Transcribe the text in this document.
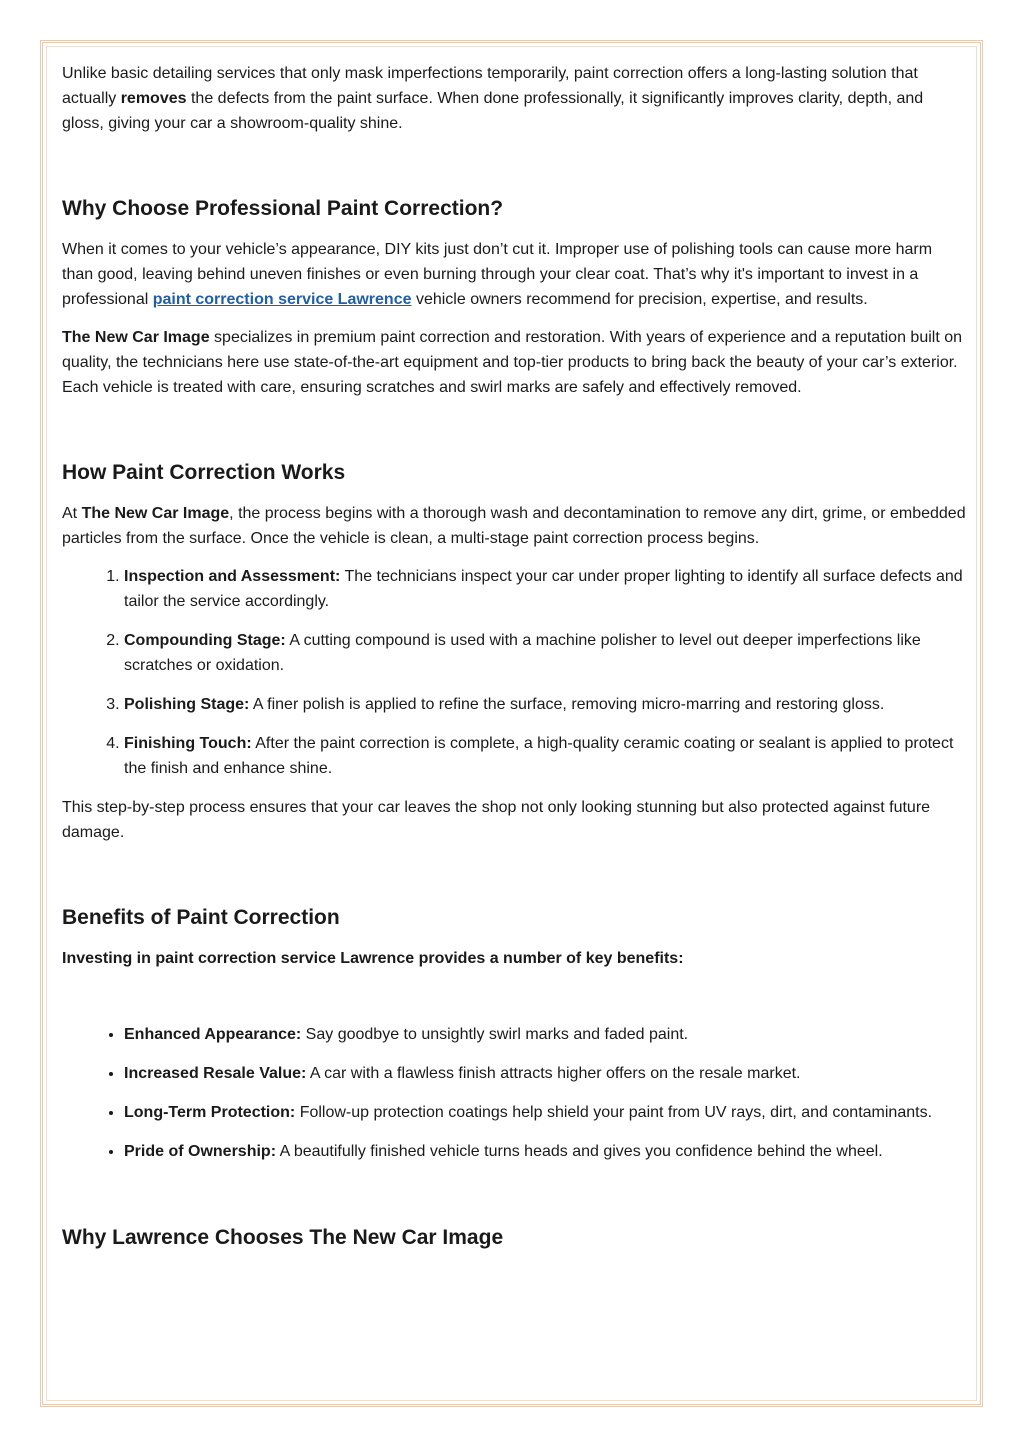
Unlike basic detailing services that only mask imperfections temporarily, paint correction offers a long-lasting solution that actually removes the defects from the paint surface. When done professionally, it significantly improves clarity, depth, and gloss, giving your car a showroom-quality shine.

Why Choose Professional Paint Correction?

When it comes to your vehicle’s appearance, DIY kits just don’t cut it. Improper use of polishing tools can cause more harm than good, leaving behind uneven finishes or even burning through your clear coat. That’s why it's important to invest in a professional paint correction service Lawrence vehicle owners recommend for precision, expertise, and results.

The New Car Image specializes in premium paint correction and restoration. With years of experience and a reputation built on quality, the technicians here use state-of-the-art equipment and top-tier products to bring back the beauty of your car’s exterior. Each vehicle is treated with care, ensuring scratches and swirl marks are safely and effectively removed.

How Paint Correction Works

At The New Car Image, the process begins with a thorough wash and decontamination to remove any dirt, grime, or embedded particles from the surface. Once the vehicle is clean, a multi-stage paint correction process begins.

1. Inspection and Assessment: The technicians inspect your car under proper lighting to identify all surface defects and tailor the service accordingly.
2. Compounding Stage: A cutting compound is used with a machine polisher to level out deeper imperfections like scratches or oxidation.
3. Polishing Stage: A finer polish is applied to refine the surface, removing micro-marring and restoring gloss.
4. Finishing Touch: After the paint correction is complete, a high-quality ceramic coating or sealant is applied to protect the finish and enhance shine.

This step-by-step process ensures that your car leaves the shop not only looking stunning but also protected against future damage.

Benefits of Paint Correction

Investing in paint correction service Lawrence provides a number of key benefits:

• Enhanced Appearance: Say goodbye to unsightly swirl marks and faded paint.
• Increased Resale Value: A car with a flawless finish attracts higher offers on the resale market.
• Long-Term Protection: Follow-up protection coatings help shield your paint from UV rays, dirt, and contaminants.
• Pride of Ownership: A beautifully finished vehicle turns heads and gives you confidence behind the wheel.
Why Lawrence Chooses The New Car Image
